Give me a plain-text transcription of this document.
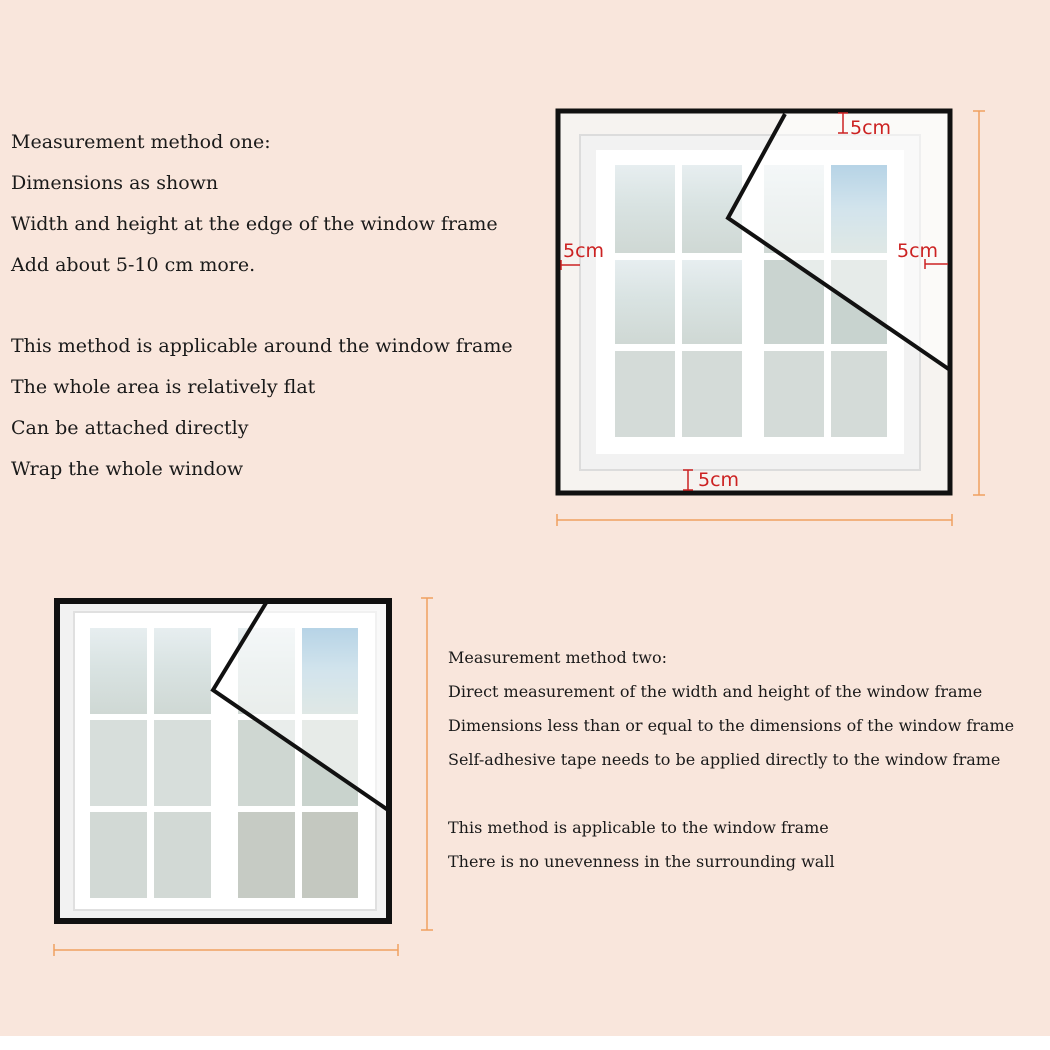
Measurement method one:

Dimensions as shown

Width and height at the edge of the window frame

Add about 5-10 cm more.

This method is applicable around the window frame

The whole area is relatively flat

Can be attached directly

Wrap the whole window

Measurement method two:

Direct measurement of the width and height of the window frame

Dimensions less than or equal to the dimensions of the window frame

Self-adhesive tape needs to be applied directly to the window frame

This method is applicable to the window frame

There is no unevenness in the surrounding wall

5cm
5cm	5cm
5cm
